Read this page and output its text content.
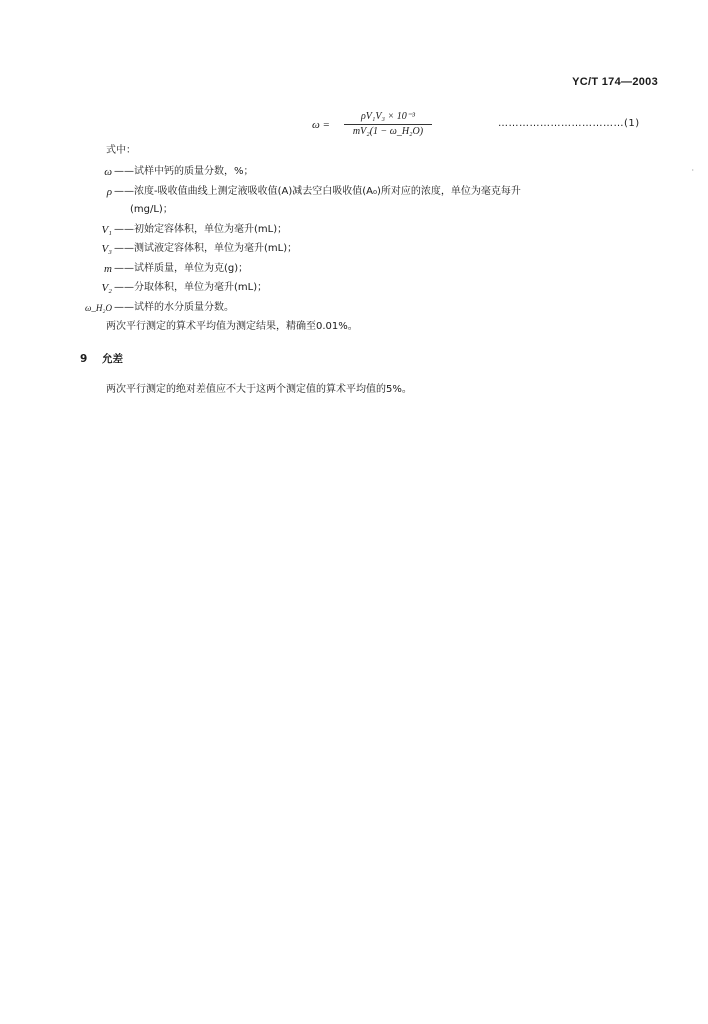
YC/T 174—2003
ω =
ρV₁V₃ × 10⁻³
mV₂(1 − ω_H₂O)
………………………………(1)
式中：
ω ——试样中钙的质量分数，%；
ρ ——浓度-吸收值曲线上测定液吸收值(A)减去空白吸收值(A₀)所对应的浓度，单位为毫克每升
(mg/L)；
V₁ ——初始定容体积，单位为毫升(mL)；
V₃ ——测试液定容体积，单位为毫升(mL)；
m ——试样质量，单位为克(g)；
V₂ ——分取体积，单位为毫升(mL)；
ω_H₂O ——试样的水分质量分数。
两次平行测定的算术平均值为测定结果，精确至0.01%。
9 允差
两次平行测定的绝对差值应不大于这两个测定值的算术平均值的5%。
·
